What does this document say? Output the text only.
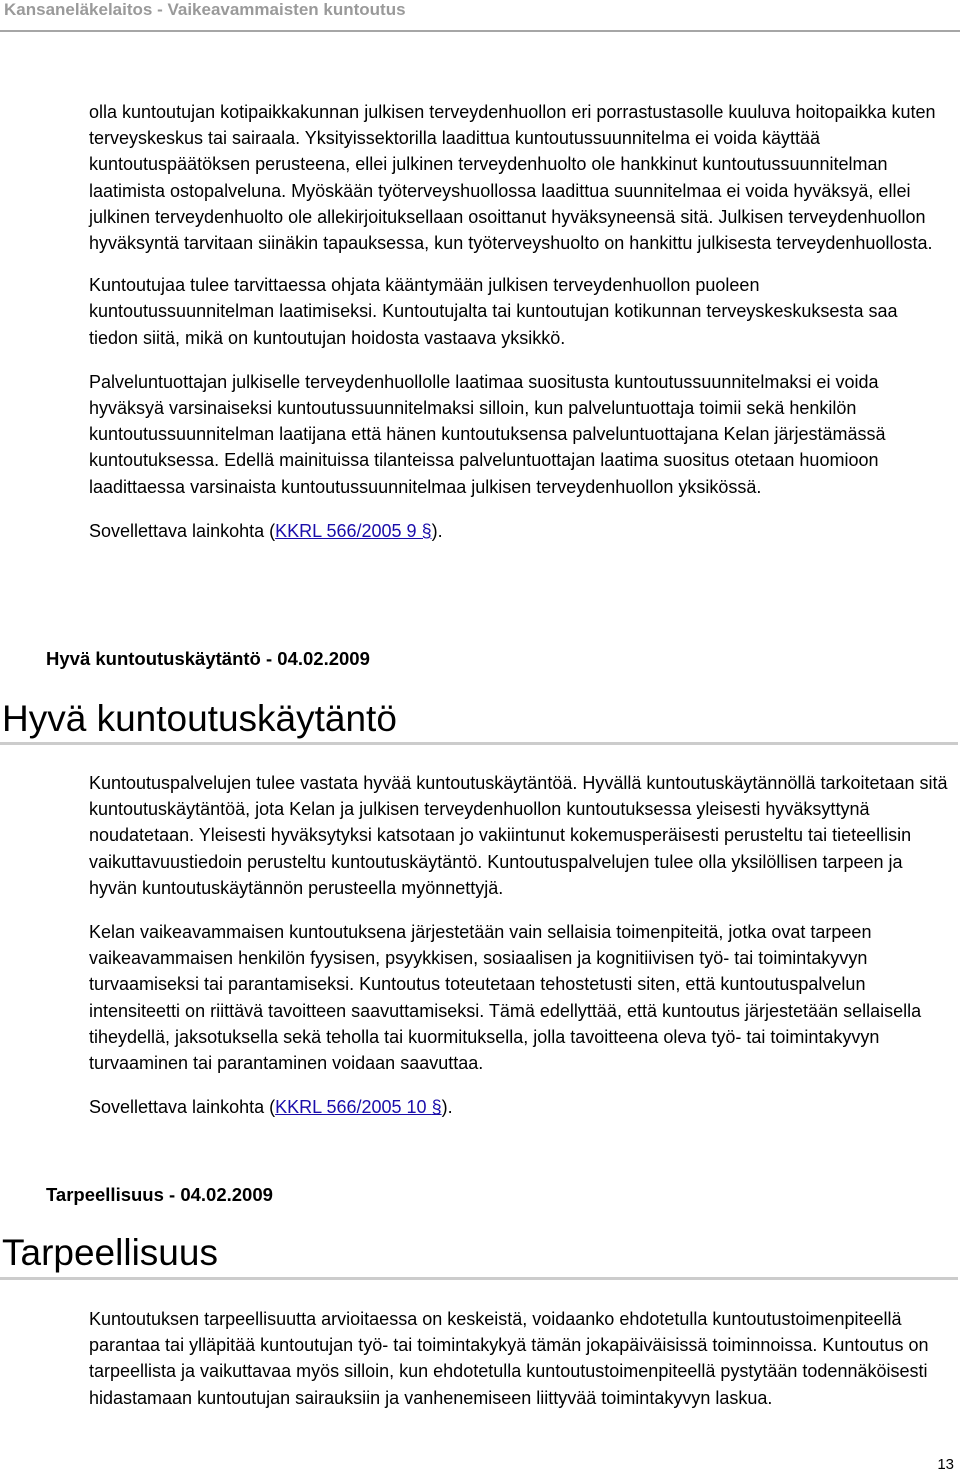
Kansaneläkelaitos - Vaikeavammaisten kuntoutus

olla kuntoutujan kotipaikkakunnan julkisen terveydenhuollon eri porrastustasolle kuuluva hoitopaikka kuten terveyskeskus tai sairaala. Yksityissektorilla laadittua kuntoutussuunnitelma ei voida käyttää kuntoutuspäätöksen perusteena, ellei julkinen terveydenhuolto ole hankkinut kuntoutussuunnitelman laatimista ostopalveluna. Myöskään työterveyshuollossa laadittua suunnitelmaa ei voida hyväksyä, ellei julkinen terveydenhuolto ole allekirjoituksellaan osoittanut hyväksyneensä sitä. Julkisen terveydenhuollon hyväksyntä tarvitaan siinäkin tapauksessa, kun työterveyshuolto on hankittu julkisesta terveydenhuollosta.

Kuntoutujaa tulee tarvittaessa ohjata kääntymään julkisen terveydenhuollon puoleen kuntoutussuunnitelman laatimiseksi. Kuntoutujalta tai kuntoutujan kotikunnan terveyskeskuksesta saa tiedon siitä, mikä on kuntoutujan hoidosta vastaava yksikkö.

Palveluntuottajan julkiselle terveydenhuollolle laatimaa suositusta kuntoutussuunnitelmaksi ei voida hyväksyä varsinaiseksi kuntoutussuunnitelmaksi silloin, kun palveluntuottaja toimii sekä henkilön kuntoutussuunnitelman laatijana että hänen kuntoutuksensa palveluntuottajana Kelan järjestämässä kuntoutuksessa. Edellä mainituissa tilanteissa palveluntuottajan laatima suositus otetaan huomioon laadittaessa varsinaista kuntoutussuunnitelmaa julkisen terveydenhuollon yksikössä.

Sovellettava lainkohta (KKRL 566/2005 9 §).

Hyvä kuntoutuskäytäntö - 04.02.2009
Hyvä kuntoutuskäytäntö

Kuntoutuspalvelujen tulee vastata hyvää kuntoutuskäytäntöä. Hyvällä kuntoutuskäytännöllä tarkoitetaan sitä kuntoutuskäytäntöä, jota Kelan ja julkisen terveydenhuollon kuntoutuksessa yleisesti hyväksyttynä noudatetaan. Yleisesti hyväksytyksi katsotaan jo vakiintunut kokemusperäisesti perusteltu tai tieteellisin vaikuttavuustiedoin perusteltu kuntoutuskäytäntö. Kuntoutuspalvelujen tulee olla yksilöllisen tarpeen ja hyvän kuntoutuskäytännön perusteella myönnettyjä.

Kelan vaikeavammaisen kuntoutuksena järjestetään vain sellaisia toimenpiteitä, jotka ovat tarpeen vaikeavammaisen henkilön fyysisen, psyykkisen, sosiaalisen ja kognitiivisen työ- tai toimintakyvyn turvaamiseksi tai parantamiseksi. Kuntoutus toteutetaan tehostetusti siten, että kuntoutuspalvelun intensiteetti on riittävä tavoitteen saavuttamiseksi. Tämä edellyttää, että kuntoutus järjestetään sellaisella tiheydellä, jaksotuksella sekä teholla tai kuormituksella, jolla tavoitteena oleva työ- tai toimintakyvyn turvaaminen tai parantaminen voidaan saavuttaa.

Sovellettava lainkohta (KKRL 566/2005 10 §).

Tarpeellisuus - 04.02.2009
Tarpeellisuus

Kuntoutuksen tarpeellisuutta arvioitaessa on keskeistä, voidaanko ehdotetulla kuntoutustoimenpiteellä parantaa tai ylläpitää kuntoutujan työ- tai toimintakykyä tämän jokapäiväisissä toiminnoissa. Kuntoutus on tarpeellista ja vaikuttavaa myös silloin, kun ehdotetulla kuntoutustoimenpiteellä pystytään todennäköisesti hidastamaan kuntoutujan sairauksiin ja vanhenemiseen liittyvää toimintakyvyn laskua.

13
